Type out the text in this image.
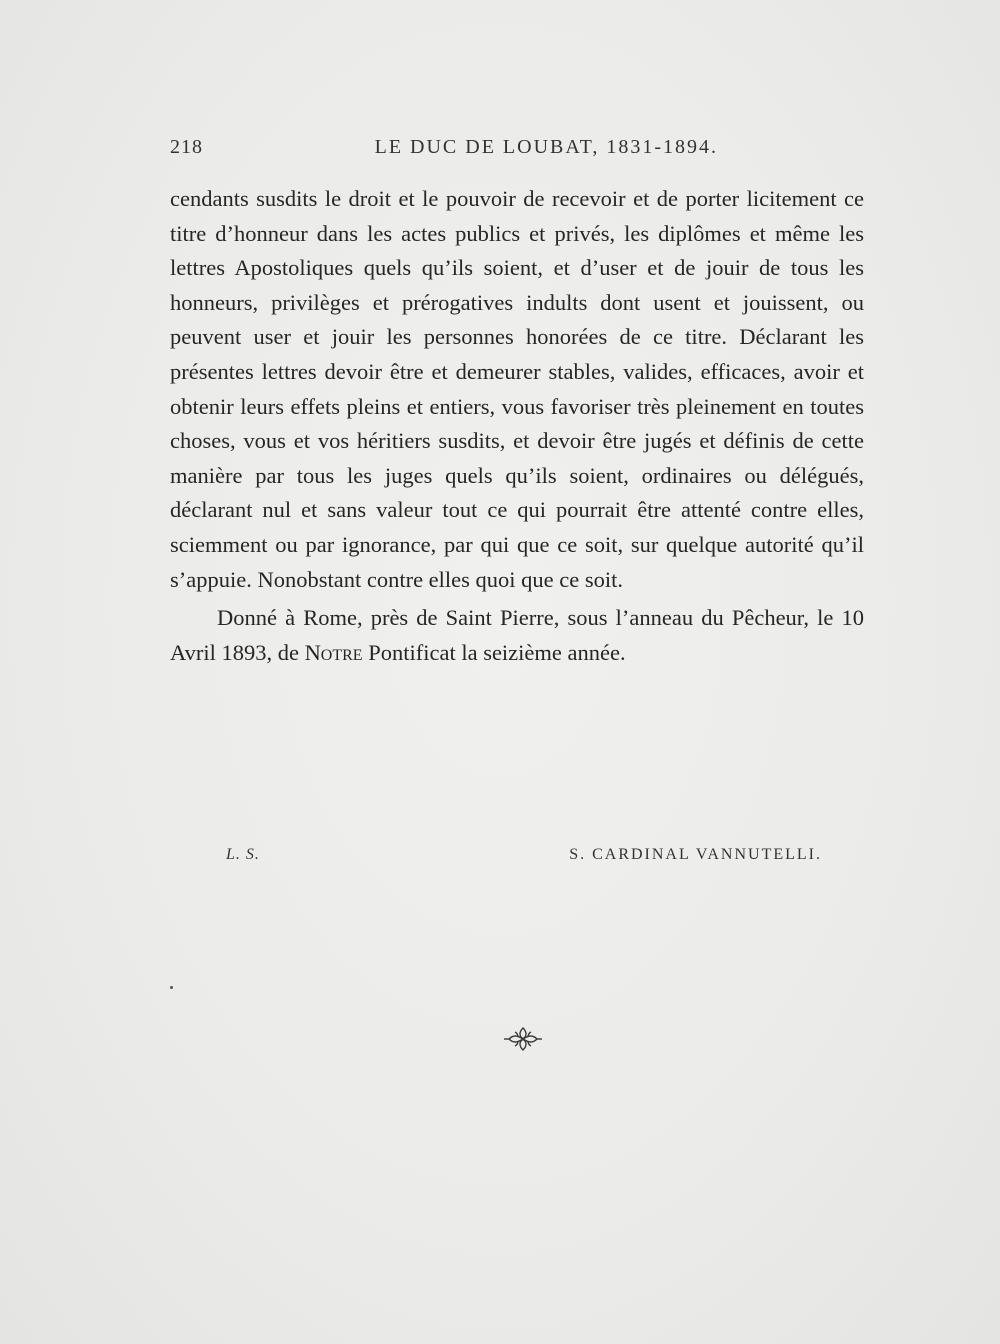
218	LE DUC DE LOUBAT, 1831-1894.

cendants susdits le droit et le pouvoir de recevoir et de porter licitement ce titre d’honneur dans les actes publics et privés, les diplômes et même les lettres Apostoliques quels qu’ils soient, et d’user et de jouir de tous les honneurs, privilèges et prérogatives indults dont usent et jouissent, ou peuvent user et jouir les personnes honorées de ce titre. Déclarant les présentes lettres devoir être et demeurer stables, valides, efficaces, avoir et obtenir leurs effets pleins et entiers, vous favoriser très pleinement en toutes choses, vous et vos héritiers susdits, et devoir être jugés et définis de cette manière par tous les juges quels qu’ils soient, ordinaires ou délégués, déclarant nul et sans valeur tout ce qui pourrait être attenté contre elles, sciemment ou par ignorance, par qui que ce soit, sur quelque autorité qu’il s’appuie. Nonobstant contre elles quoi que ce soit.

Donné à Rome, près de Saint Pierre, sous l’anneau du Pêcheur, le 10 Avril 1893, de Notre Pontificat la seizième année.

L. S.	S. CARDINAL VANNUTELLI.
